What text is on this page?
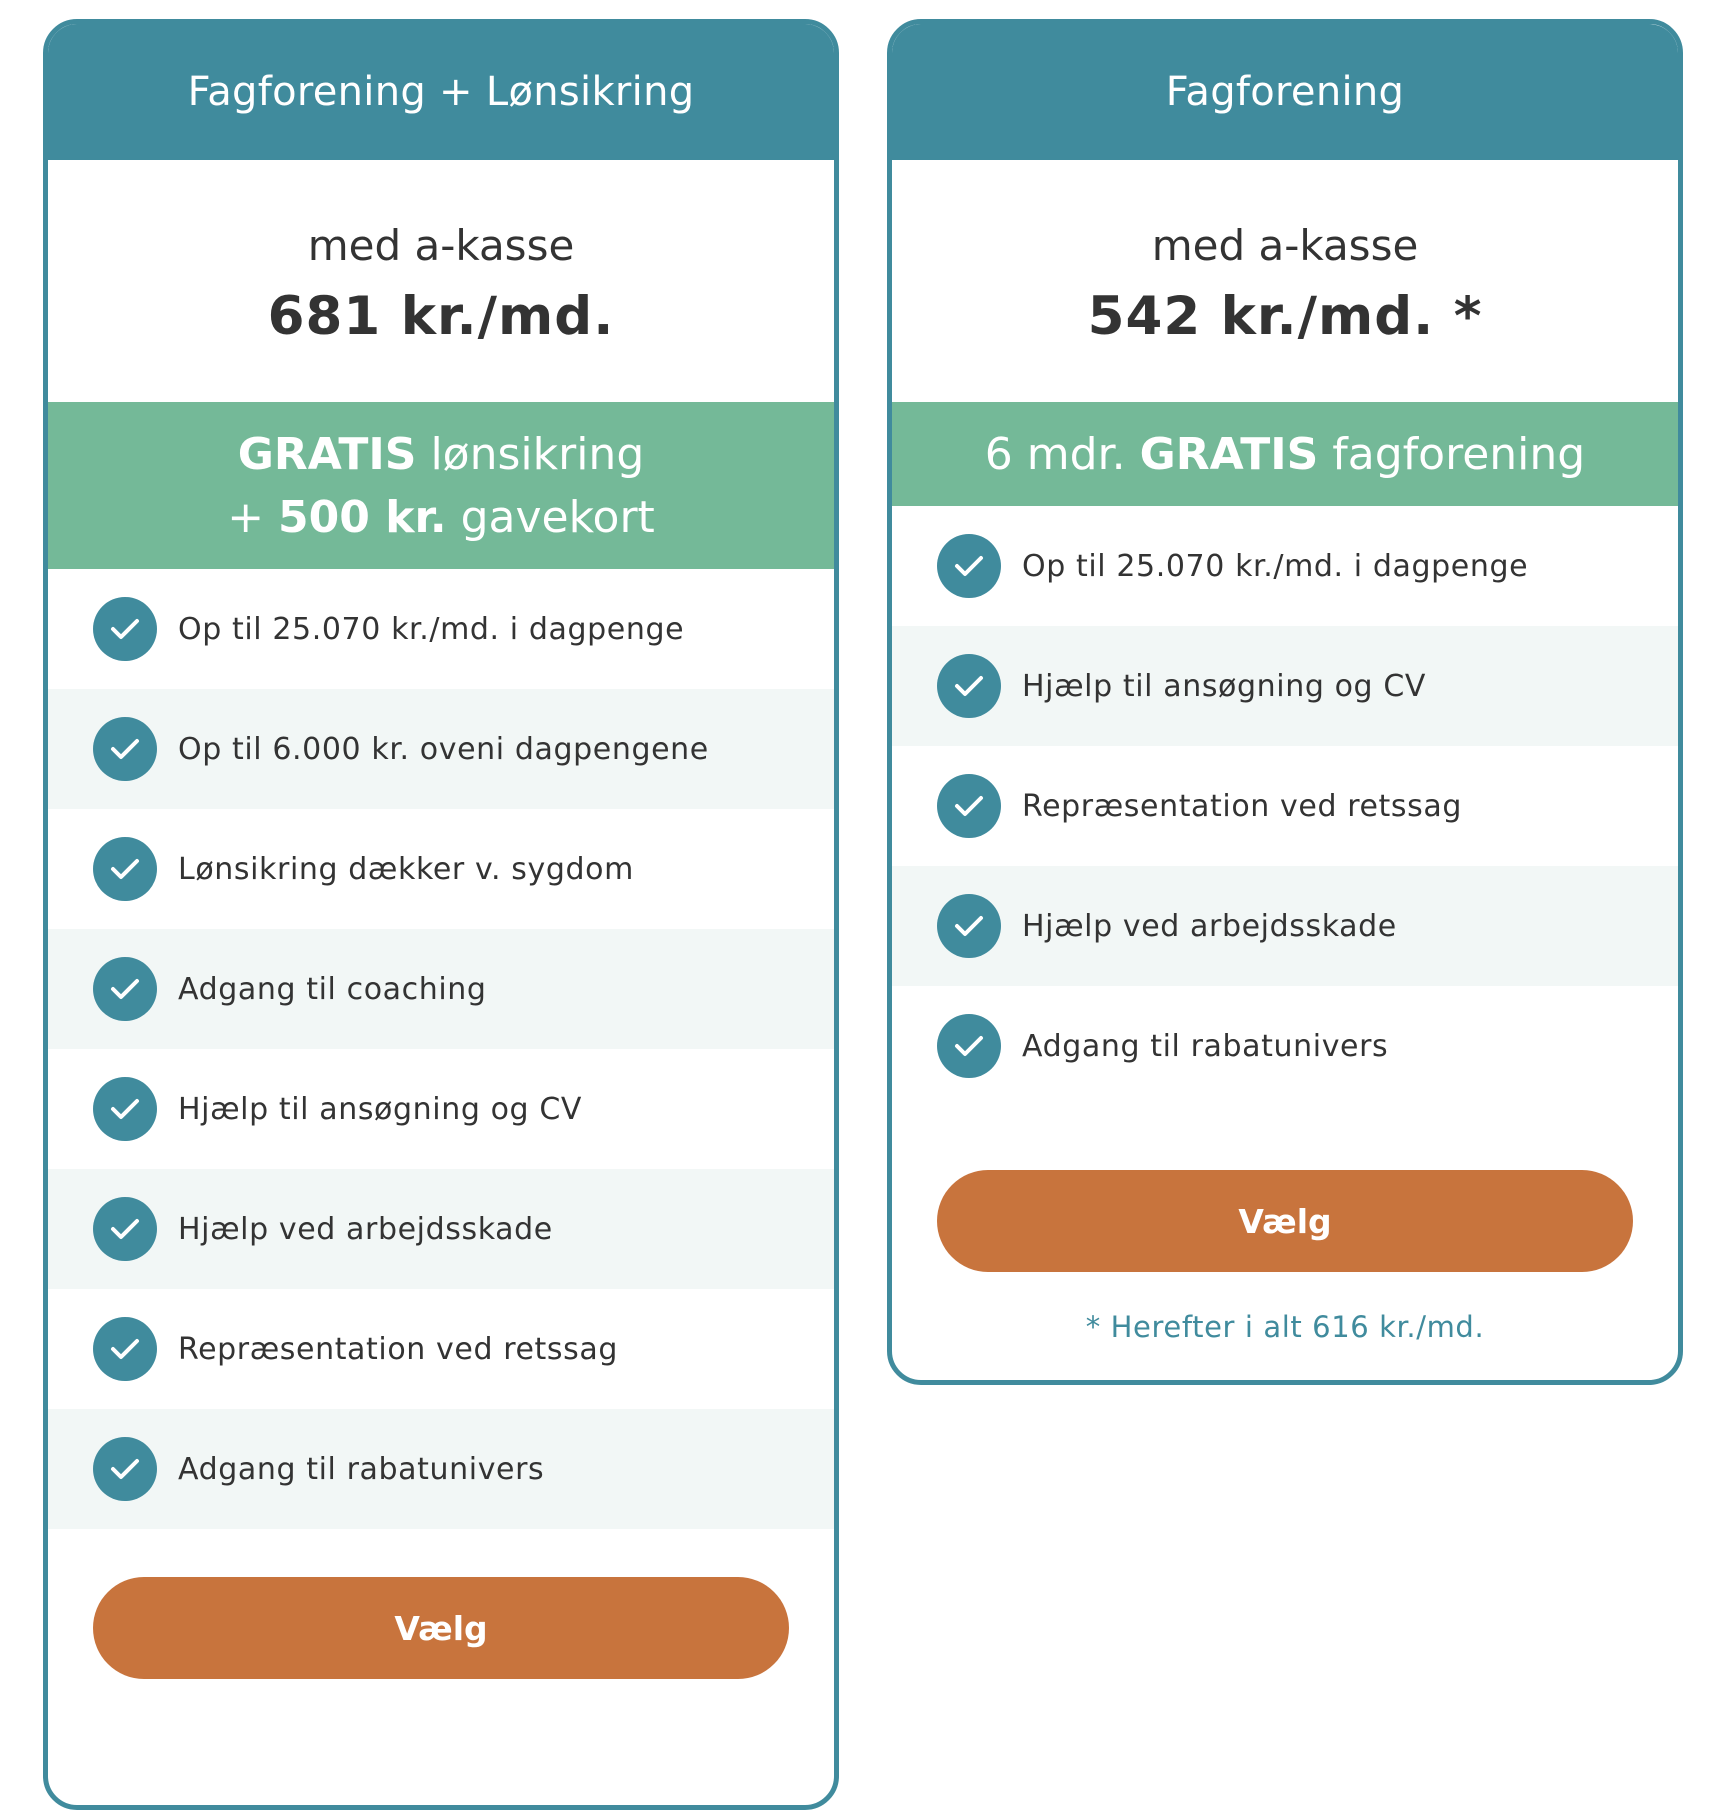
Fagforening + Lønsikring
med a-kasse
681 kr./md.
GRATIS lønsikring
+ 500 kr. gavekort
Op til 25.070 kr./md. i dagpenge
Op til 6.000 kr. oveni dagpengene
Lønsikring dækker v. sygdom
Adgang til coaching
Hjælp til ansøgning og CV
Hjælp ved arbejdsskade
Repræsentation ved retssag
Adgang til rabatunivers
Vælg
Fagforening
med a-kasse
542 kr./md. *
6 mdr. GRATIS fagforening
Op til 25.070 kr./md. i dagpenge
Hjælp til ansøgning og CV
Repræsentation ved retssag
Hjælp ved arbejdsskade
Adgang til rabatunivers
Vælg
* Herefter i alt 616 kr./md.
